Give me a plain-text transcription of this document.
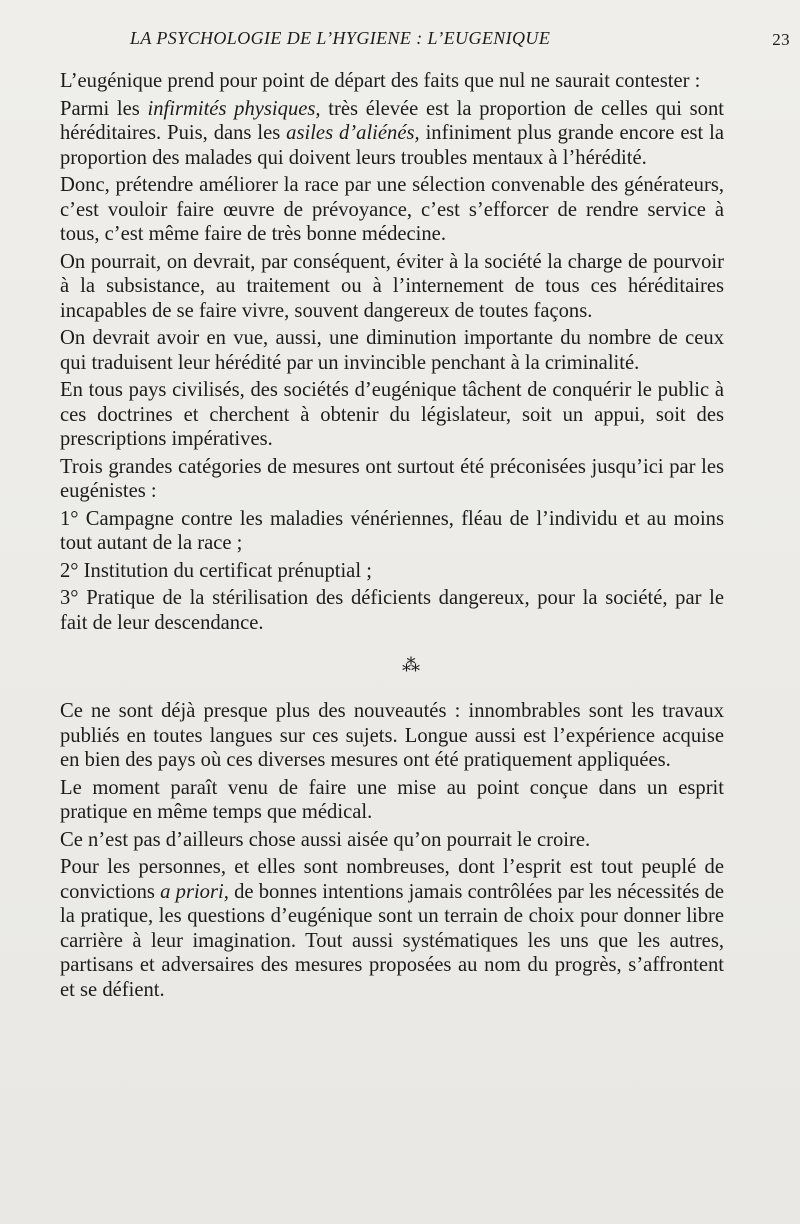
LA PSYCHOLOGIE DE L’HYGIENE : L’EUGENIQUE	23

L’eugénique prend pour point de départ des faits que nul ne saurait contester :

Parmi les infirmités physiques, très élevée est la proportion de celles qui sont héréditaires. Puis, dans les asiles d’aliénés, infiniment plus grande encore est la proportion des malades qui doivent leurs troubles mentaux à l’hérédité.

Donc, prétendre améliorer la race par une sélection convenable des générateurs, c’est vouloir faire œuvre de prévoyance, c’est s’efforcer de rendre service à tous, c’est même faire de très bonne médecine.

On pourrait, on devrait, par conséquent, éviter à la société la charge de pourvoir à la subsistance, au traitement ou à l’internement de tous ces héréditaires incapables de se faire vivre, souvent dangereux de toutes façons.

On devrait avoir en vue, aussi, une diminution importante du nombre de ceux qui traduisent leur hérédité par un invincible penchant à la criminalité.

En tous pays civilisés, des sociétés d’eugénique tâchent de conquérir le public à ces doctrines et cherchent à obtenir du législateur, soit un appui, soit des prescriptions impératives.

Trois grandes catégories de mesures ont surtout été préconisées jusqu’ici par les eugénistes :

1° Campagne contre les maladies vénériennes, fléau de l’individu et au moins tout autant de la race ;

2° Institution du certificat prénuptial ;

3° Pratique de la stérilisation des déficients dangereux, pour la société, par le fait de leur descendance.

⁂

Ce ne sont déjà presque plus des nouveautés : innombrables sont les travaux publiés en toutes langues sur ces sujets. Longue aussi est l’expérience acquise en bien des pays où ces diverses mesures ont été pratiquement appliquées.

Le moment paraît venu de faire une mise au point conçue dans un esprit pratique en même temps que médical.

Ce n’est pas d’ailleurs chose aussi aisée qu’on pourrait le croire.

Pour les personnes, et elles sont nombreuses, dont l’esprit est tout peuplé de convictions a priori, de bonnes intentions jamais contrôlées par les nécessités de la pratique, les questions d’eugénique sont un terrain de choix pour donner libre carrière à leur imagination. Tout aussi systématiques les uns que les autres, partisans et adversaires des mesures proposées au nom du progrès, s’affrontent et se défient.
